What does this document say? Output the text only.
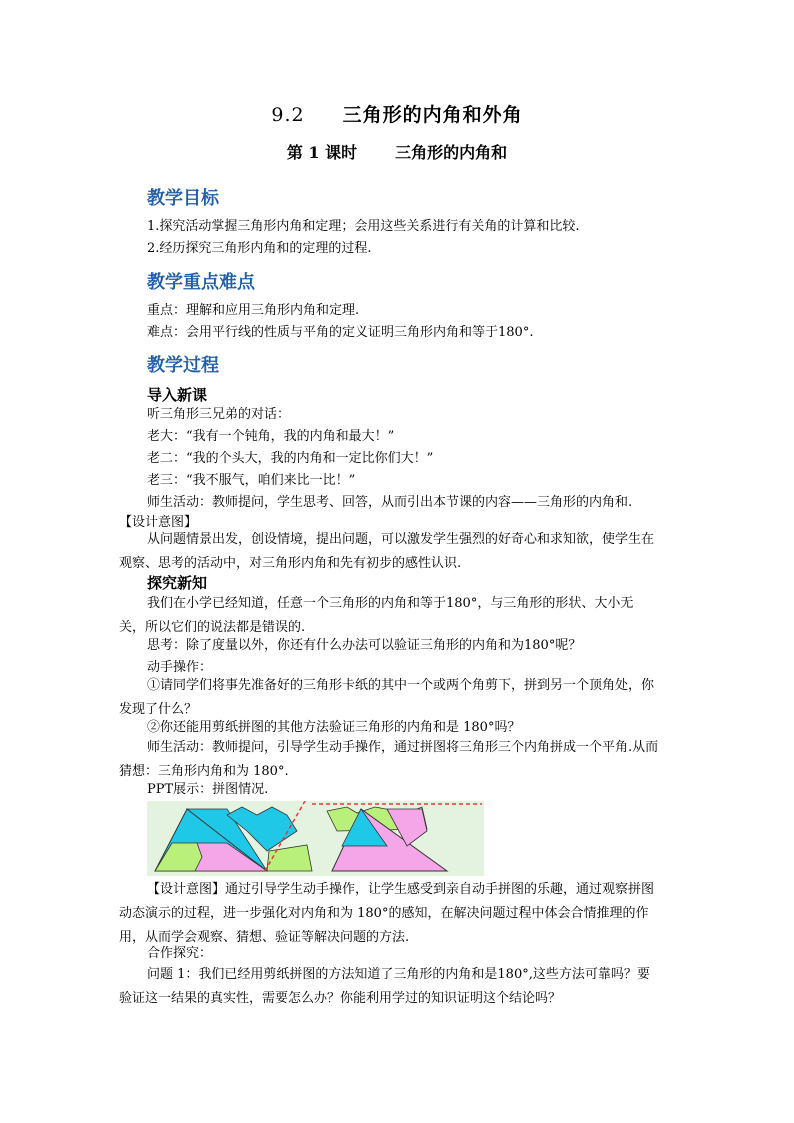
9.2 三角形的内角和外角
第 1 课时 三角形的内角和
教学目标
1.探究活动掌握三角形内角和定理；会用这些关系进行有关角的计算和比较.
2.经历探究三角形内角和的定理的过程.
教学重点难点
重点：理解和应用三角形内角和定理.
难点：会用平行线的性质与平角的定义证明三角形内角和等于180°.
教学过程
导入新课
听三角形三兄弟的对话：
老大：“我有一个钝角，我的内角和最大！”
老二：“我的个头大，我的内角和一定比你们大！”
老三：“我不服气，咱们来比一比！”
师生活动：教师提问，学生思考、回答，从而引出本节课的内容——三角形的内角和.
【设计意图】
从问题情景出发，创设情境，提出问题，可以激发学生强烈的好奇心和求知欲，使学生在观察、思考的活动中，对三角形内角和先有初步的感性认识.
探究新知
我们在小学已经知道，任意一个三角形的内角和等于180°，与三角形的形状、大小无关，所以它们的说法都是错误的.
思考：除了度量以外，你还有什么办法可以验证三角形的内角和为180°呢？
动手操作：
①请同学们将事先准备好的三角形卡纸的其中一个或两个角剪下，拼到另一个顶角处，你发现了什么？
②你还能用剪纸拼图的其他方法验证三角形的内角和是 180°吗？
师生活动：教师提问，引导学生动手操作，通过拼图将三角形三个内角拼成一个平角.从而猜想：三角形内角和为 180°.
PPT展示：拼图情况.
【设计意图】通过引导学生动手操作，让学生感受到亲自动手拼图的乐趣，通过观察拼图动态演示的过程，进一步强化对内角和为 180°的感知，在解决问题过程中体会合情推理的作用，从而学会观察、猜想、验证等解决问题的方法.
合作探究：
问题 1：我们已经用剪纸拼图的方法知道了三角形的内角和是180°,这些方法可靠吗？要验证这一结果的真实性，需要怎么办？你能利用学过的知识证明这个结论吗？
